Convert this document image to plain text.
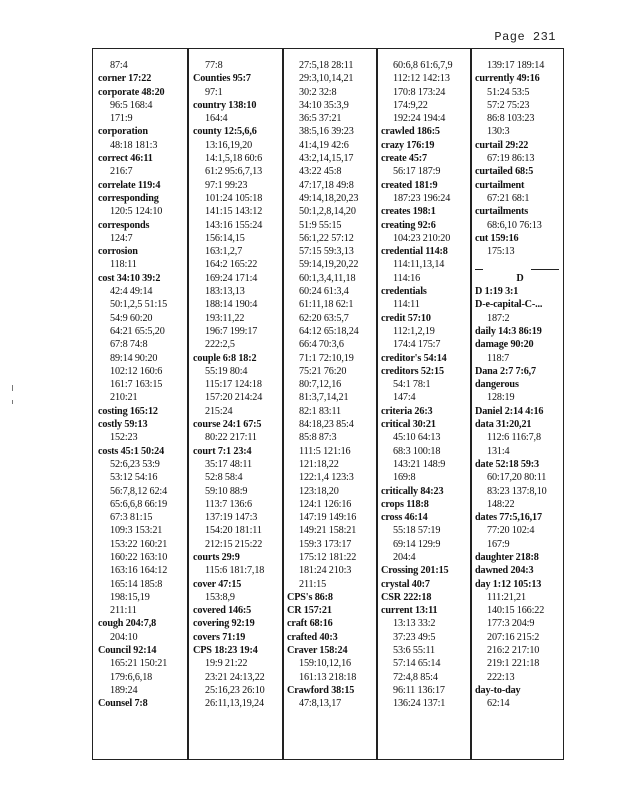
Page 231
87:4
corner 17:22
corporate 48:20
96:5 168:4
171:9
corporation
48:18 181:3
correct 46:11
216:7
correlate 119:4
corresponding
120:5 124:10
corresponds
124:7
corrosion
118:11
cost 34:10 39:2
42:4 49:14
50:1,2,5 51:15
54:9 60:20
64:21 65:5,20
67:8 74:8
89:14 90:20
102:12 160:6
161:7 163:15
210:21
costing 165:12
costly 59:13
152:23
costs 45:1 50:24
52:6,23 53:9
53:12 54:16
56:7,8,12 62:4
65:6,6,8 66:19
67:3 81:15
109:3 153:21
153:22 160:21
160:22 163:10
163:16 164:12
165:14 185:8
198:15,19
211:11
cough 204:7,8
204:10
Council 92:14
165:21 150:21
179:6,6,18
189:24
Counsel 7:8
77:8
Counties 95:7
97:1
country 138:10
164:4
county 12:5,6,6
13:16,19,20
14:1,5,18 60:6
61:2 95:6,7,13
97:1 99:23
101:24 105:18
141:15 143:12
143:16 155:24
156:14,15
163:1,2,7
164:2 165:22
169:24 171:4
183:13,13
188:14 190:4
193:11,22
196:7 199:17
222:2,5
couple 6:8 18:2
55:19 80:4
115:17 124:18
157:20 214:24
215:24
course 24:1 67:5
80:22 217:11
court 7:1 23:4
35:17 48:11
52:8 58:4
59:10 88:9
113:7 136:6
137:19 147:3
154:20 181:11
212:15 215:22
courts 29:9
115:6 181:7,18
cover 47:15
153:8,9
covered 146:5
covering 92:19
covers 71:19
CPS 18:23 19:4
19:9 21:22
23:21 24:13,22
25:16,23 26:10
26:11,13,19,24
27:5,18 28:11
29:3,10,14,21
30:2 32:8
34:10 35:3,9
36:5 37:21
38:5,16 39:23
41:4,19 42:6
43:2,14,15,17
43:22 45:8
47:17,18 49:8
49:14,18,20,23
50:1,2,8,14,20
51:9 55:15
56:1,22 57:12
57:15 59:3,13
59:14,19,20,22
60:1,3,4,11,18
60:24 61:3,4
61:11,18 62:1
62:20 63:5,7
64:12 65:18,24
66:4 70:3,6
71:1 72:10,19
75:21 76:20
80:7,12,16
81:3,7,14,21
82:1 83:11
84:18,23 85:4
85:8 87:3
111:5 121:16
121:18,22
122:1,4 123:3
123:18,20
124:1 126:16
147:19 149:16
149:21 158:21
159:3 173:17
175:12 181:22
181:24 210:3
211:15
CPS's 86:8
CR 157:21
craft 68:16
crafted 40:3
Craver 158:24
159:10,12,16
161:13 218:18
Crawford 38:15
47:8,13,17
60:6,8 61:6,7,9
112:12 142:13
170:8 173:24
174:9,22
192:24 194:4
crawled 186:5
crazy 176:19
create 45:7
56:17 187:9
created 181:9
187:23 196:24
creates 198:1
creating 92:6
104:23 210:20
credential 114:8
114:11,13,14
114:16
credentials
114:11
credit 57:10
112:1,2,19
174:4 175:7
creditor's 54:14
creditors 52:15
54:1 78:1
147:4
criteria 26:3
critical 30:21
45:10 64:13
68:3 100:18
143:21 148:9
169:8
critically 84:23
crops 118:8
cross 46:14
55:18 57:19
69:14 129:9
204:4
Crossing 201:15
crystal 40:7
CSR 222:18
current 13:11
13:13 33:2
37:23 49:5
53:6 55:11
57:14 65:14
72:4,8 85:4
96:11 136:17
136:24 137:1
139:17 189:14
currently 49:16
51:24 53:5
57:2 75:23
86:8 103:23
130:3
curtail 29:22
67:19 86:13
curtailed 68:5
curtailment
67:21 68:1
curtailments
68:6,10 76:13
cut 159:16
175:13
D
D 1:19 3:1
D-e-capital-C-...
187:2
daily 14:3 86:19
damage 90:20
118:7
Dana 2:7 7:6,7
dangerous
128:19
Daniel 2:14 4:16
data 31:20,21
112:6 116:7,8
131:4
date 52:18 59:3
60:17,20 80:11
83:23 137:8,10
148:22
dates 77:5,16,17
77:20 102:4
167:9
daughter 218:8
dawned 204:3
day 1:12 105:13
111:21,21
140:15 166:22
177:3 204:9
207:16 215:2
216:2 217:10
219:1 221:18
222:13
day-to-day
62:14
